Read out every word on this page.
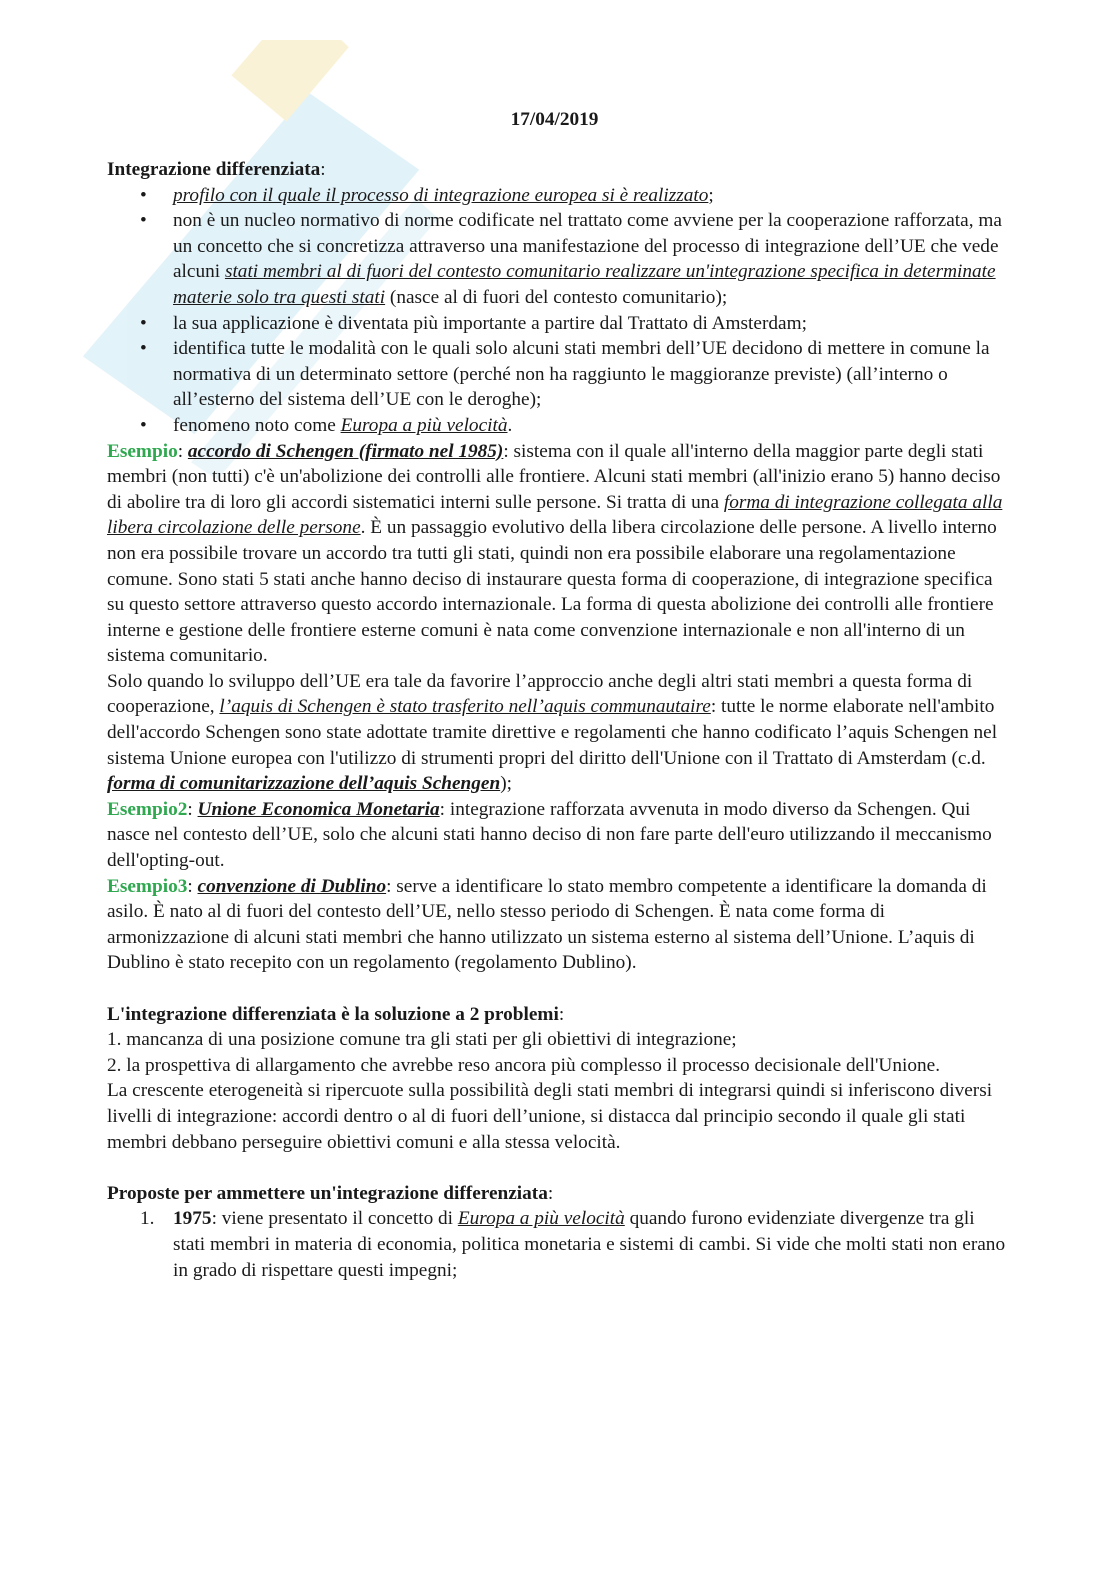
17/04/2019

Integrazione differenziata:

• profilo con il quale il processo di integrazione europea si è realizzato;
• non è un nucleo normativo di norme codificate nel trattato come avviene per la cooperazione rafforzata, ma un concetto che si concretizza attraverso una manifestazione del processo di integrazione dell’UE che vede alcuni stati membri al di fuori del contesto comunitario realizzare un'integrazione specifica in determinate materie solo tra questi stati (nasce al di fuori del contesto comunitario);
• la sua applicazione è diventata più importante a partire dal Trattato di Amsterdam;
• identifica tutte le modalità con le quali solo alcuni stati membri dell’UE decidono di mettere in comune la normativa di un determinato settore (perché non ha raggiunto le maggioranze previste) (all’interno o all’esterno del sistema dell’UE con le deroghe);
• fenomeno noto come Europa a più velocità.

Esempio: accordo di Schengen (firmato nel 1985): sistema con il quale all'interno della maggior parte degli stati membri (non tutti) c'è un'abolizione dei controlli alle frontiere. Alcuni stati membri (all'inizio erano 5) hanno deciso di abolire tra di loro gli accordi sistematici interni sulle persone. Si tratta di una forma di integrazione collegata alla libera circolazione delle persone. È un passaggio evolutivo della libera circolazione delle persone. A livello interno non era possibile trovare un accordo tra tutti gli stati, quindi non era possibile elaborare una regolamentazione comune. Sono stati 5 stati anche hanno deciso di instaurare questa forma di cooperazione, di integrazione specifica su questo settore attraverso questo accordo internazionale. La forma di questa abolizione dei controlli alle frontiere interne e gestione delle frontiere esterne comuni è nata come convenzione internazionale e non all'interno di un sistema comunitario.

Solo quando lo sviluppo dell’UE era tale da favorire l’approccio anche degli altri stati membri a questa forma di cooperazione, l’aquis di Schengen è stato trasferito nell’aquis communautaire: tutte le norme elaborate nell'ambito dell'accordo Schengen sono state adottate tramite direttive e regolamenti che hanno codificato l’aquis Schengen nel sistema Unione europea con l'utilizzo di strumenti propri del diritto dell'Unione con il Trattato di Amsterdam (c.d. forma di comunitarizzazione dell’aquis Schengen);

Esempio2: Unione Economica Monetaria: integrazione rafforzata avvenuta in modo diverso da Schengen. Qui nasce nel contesto dell’UE, solo che alcuni stati hanno deciso di non fare parte dell'euro utilizzando il meccanismo dell'opting-out.

Esempio3: convenzione di Dublino: serve a identificare lo stato membro competente a identificare la domanda di asilo. È nato al di fuori del contesto dell’UE, nello stesso periodo di Schengen. È nata come forma di armonizzazione di alcuni stati membri che hanno utilizzato un sistema esterno al sistema dell’Unione. L’aquis di Dublino è stato recepito con un regolamento (regolamento Dublino).

L'integrazione differenziata è la soluzione a 2 problemi:

1. mancanza di una posizione comune tra gli stati per gli obiettivi di integrazione;

2. la prospettiva di allargamento che avrebbe reso ancora più complesso il processo decisionale dell'Unione.

La crescente eterogeneità si ripercuote sulla possibilità degli stati membri di integrarsi quindi si inferiscono diversi livelli di integrazione: accordi dentro o al di fuori dell’unione, si distacca dal principio secondo il quale gli stati membri debbano perseguire obiettivi comuni e alla stessa velocità.

Proposte per ammettere un'integrazione differenziata:

1. 1975: viene presentato il concetto di Europa a più velocità quando furono evidenziate divergenze tra gli stati membri in materia di economia, politica monetaria e sistemi di cambi. Si vide che molti stati non erano in grado di rispettare questi impegni;
